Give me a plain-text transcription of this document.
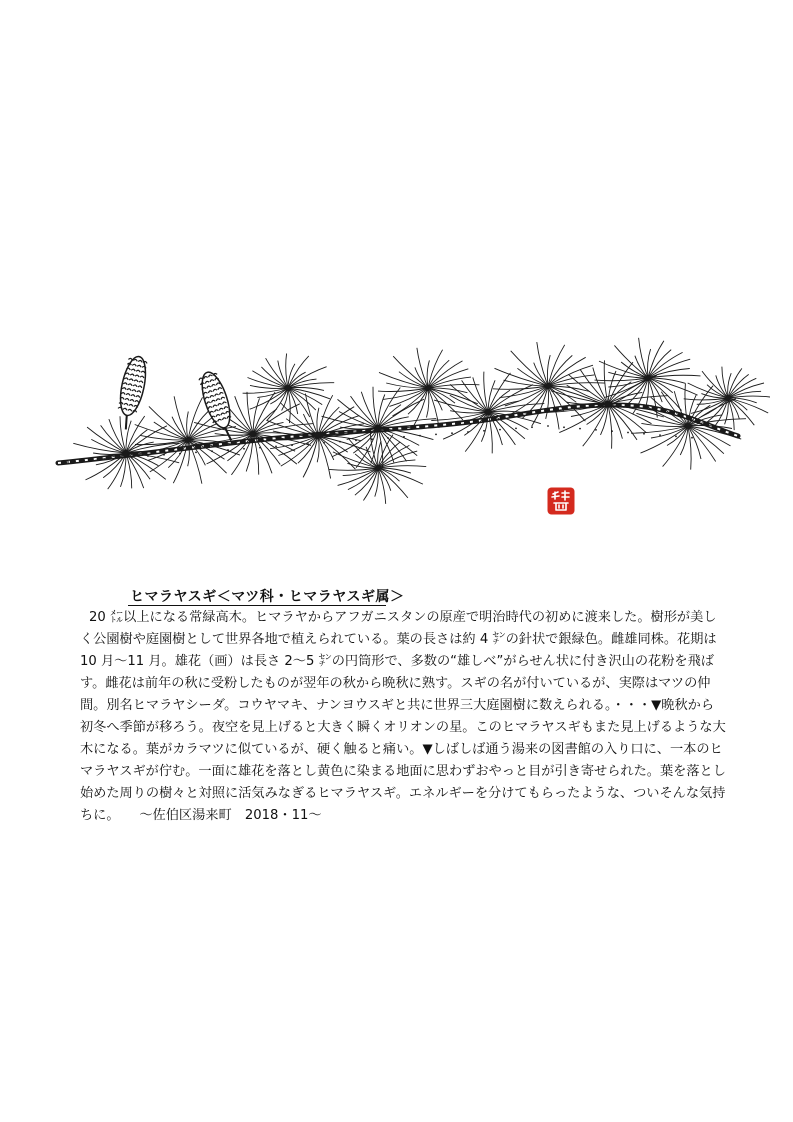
ヒマラヤスギ＜マツ科・ヒマラヤスギ属＞
20 ㍍以上になる常緑高木。ヒマラヤからアフガニスタンの原産で明治時代の初めに渡来した。樹形が美し
く公園樹や庭園樹として世界各地で植えられている。葉の長さは約 4 ㌢の針状で銀緑色。雌雄同株。花期は
10 月～11 月。雄花（画）は長さ 2～5 ㌢の円筒形で、多数の“雄しべ”がらせん状に付き沢山の花粉を飛ば
す。雌花は前年の秋に受粉したものが翌年の秋から晩秋に熟す。スギの名が付いているが、実際はマツの仲
間。別名ヒマラヤシーダ。コウヤマキ、ナンヨウスギと共に世界三大庭園樹に数えられる。・・・▼晩秋から
初冬へ季節が移ろう。夜空を見上げると大きく瞬くオリオンの星。このヒマラヤスギもまた見上げるような大
木になる。葉がカラマツに似ているが、硬く触ると痛い。▼しばしば通う湯来の図書館の入り口に、一本のヒ
マラヤスギが佇む。一面に雄花を落とし黄色に染まる地面に思わずおやっと目が引き寄せられた。葉を落とし
始めた周りの樹々と対照に活気みなぎるヒマラヤスギ。エネルギーを分けてもらったような、ついそんな気持
ちに。　　～佐伯区湯来町　2018・11～
